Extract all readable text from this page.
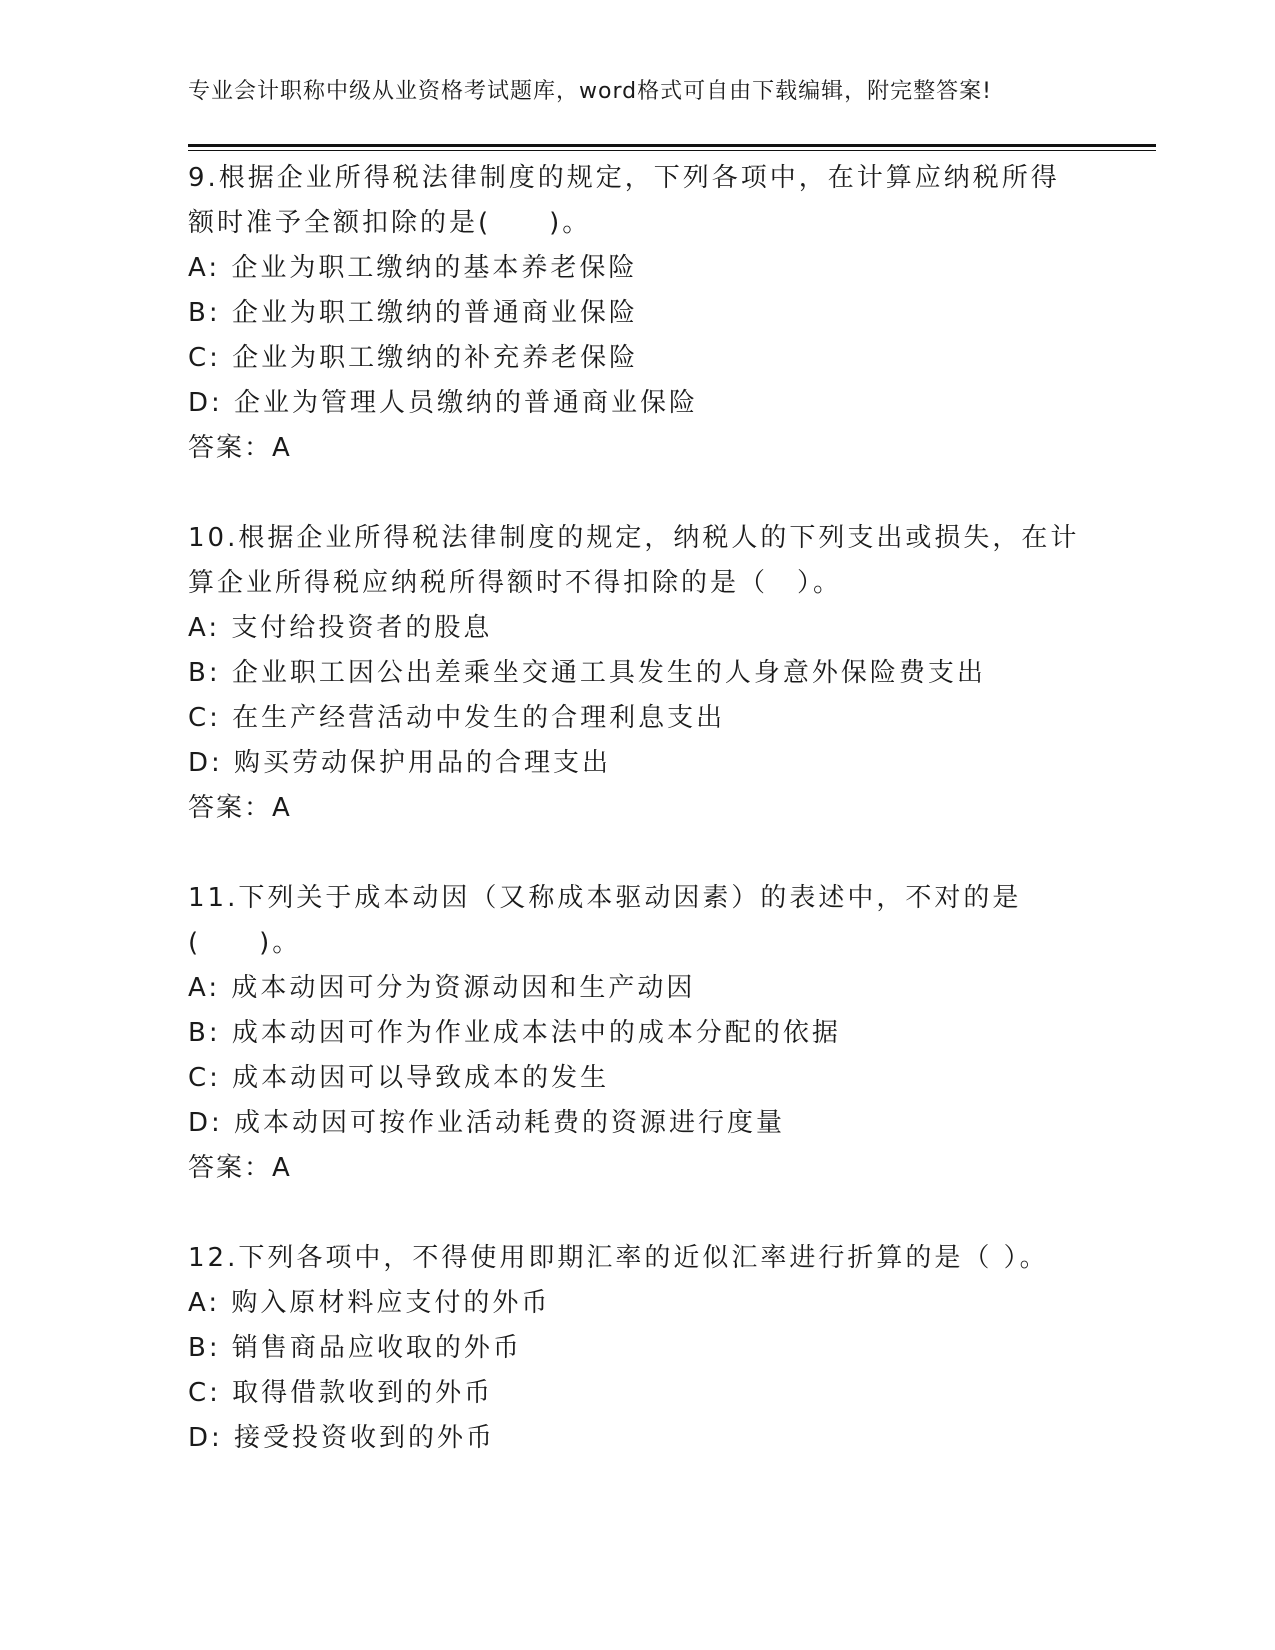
专业会计职称中级从业资格考试题库，word格式可自由下载编辑，附完整答案!
9.根据企业所得税法律制度的规定，下列各项中，在计算应纳税所得
额时准予全额扣除的是(　　)。
A: 企业为职工缴纳的基本养老保险
B: 企业为职工缴纳的普通商业保险
C: 企业为职工缴纳的补充养老保险
D: 企业为管理人员缴纳的普通商业保险
答案：A
10.根据企业所得税法律制度的规定，纳税人的下列支出或损失，在计
算企业所得税应纳税所得额时不得扣除的是（　）。
A: 支付给投资者的股息
B: 企业职工因公出差乘坐交通工具发生的人身意外保险费支出
C: 在生产经营活动中发生的合理利息支出
D: 购买劳动保护用品的合理支出
答案：A
11.下列关于成本动因（又称成本驱动因素）的表述中，不对的是
(　　)。
A: 成本动因可分为资源动因和生产动因
B: 成本动因可作为作业成本法中的成本分配的依据
C: 成本动因可以导致成本的发生
D: 成本动因可按作业活动耗费的资源进行度量
答案：A
12.下列各项中，不得使用即期汇率的近似汇率进行折算的是（ ）。
A: 购入原材料应支付的外币
B: 销售商品应收取的外币
C: 取得借款收到的外币
D: 接受投资收到的外币
